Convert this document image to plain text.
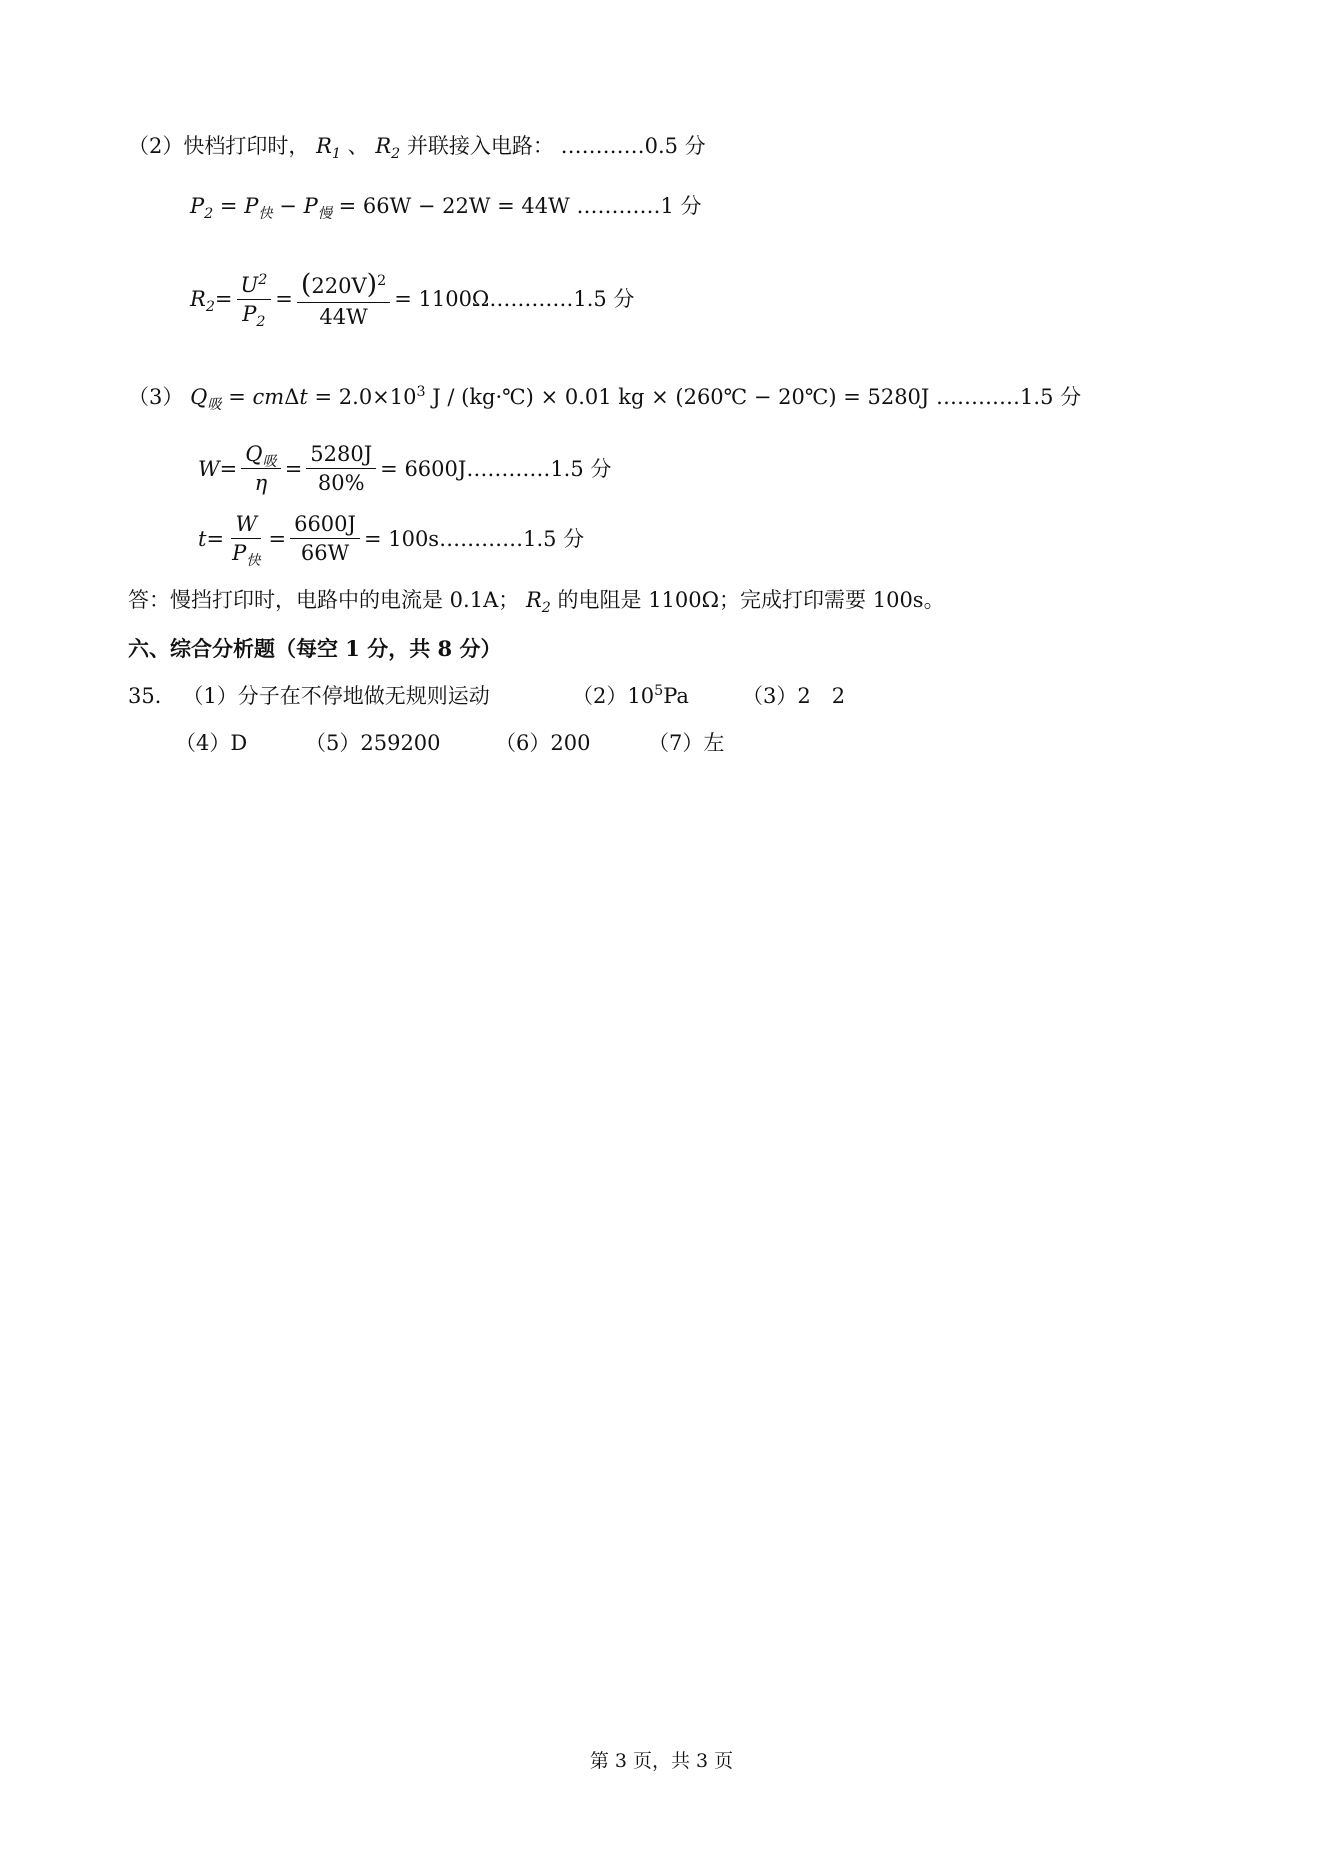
（2）快档打印时， $R_1$ 、 $R_2$ 并联接入电路： …………0.5 分
$P_2 = P_快 - P_慢 = 66W - 22W = 44W$ …………1 分
$R_2 = \frac{U^2}{P_2} = \frac{(220V)^2}{44W} = 1100\Omega$ …………1.5 分
（3） $Q_吸 = cm\Delta t = 2.0\times 10^3$ J / (kg·℃) × 0.01 kg × (260℃ − 20℃) = 5280J …………1.5 分
$W = \frac{Q_吸}{\eta} = \frac{5280J}{80\%} = 6600J$ …………1.5 分
$t = \frac{W}{P_快} = \frac{6600J}{66W} = 100s$ …………1.5 分
答：慢挡打印时，电路中的电流是 0.1A； $R_2$ 的电阻是 1100Ω；完成打印需要 100s。
六、综合分析题（每空 1 分，共 8 分）
35． （1）分子在不停地做无规则运动	$(2)10^5Pa$	（3）2　2
（4）D	（5）259200	（6）200	（7）左
第 3 页，共 3 页
